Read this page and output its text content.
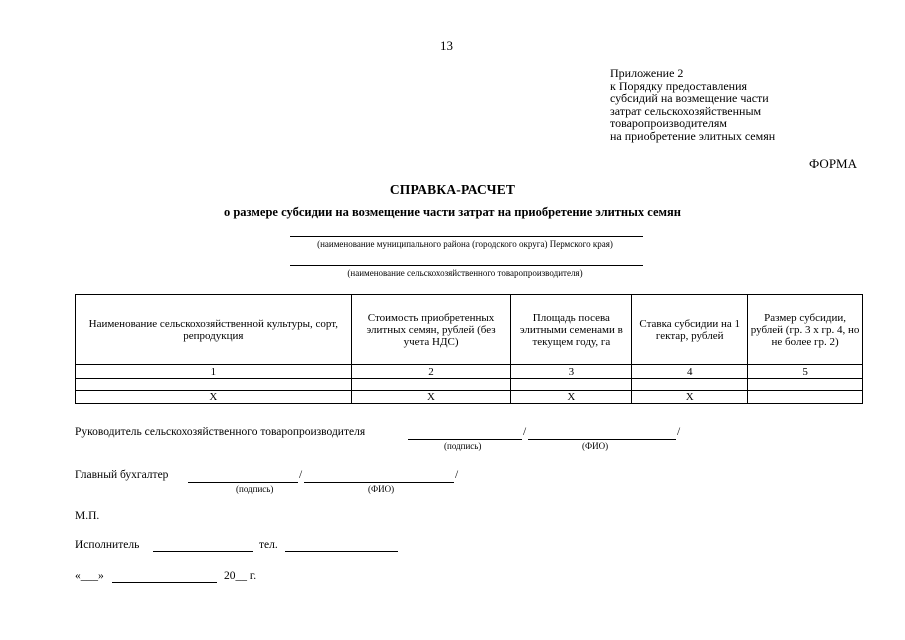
13
Приложение 2
к Порядку предоставления
субсидий на возмещение части
затрат сельскохозяйственным
товаропроизводителям
на приобретение элитных семян
ФОРМА
СПРАВКА-РАСЧЕТ
о размере субсидии на возмещение части затрат на приобретение элитных семян
(наименование муниципального района (городского округа) Пермского края)
(наименование сельскохозяйственного товаропроизводителя)
Наименование сельскохозяйственной культуры, сорт, репродукция	Стоимость приобретенных элитных семян, рублей (без учета НДС)	Площадь посева элитными семенами в текущем году, га	Ставка субсидии на 1 гектар, рублей	Размер субсидии, рублей (гр. 3 х гр. 4, но не более гр. 2)
1	2	3	4	5

Х	Х	Х	Х	
Руководитель сельскохозяйственного товаропроизводителя	/	/
(подпись)	(ФИО)
Главный бухгалтер	/	/
(подпись)	(ФИО)
М.П.
Исполнитель	тел.
«___»	20__ г.
